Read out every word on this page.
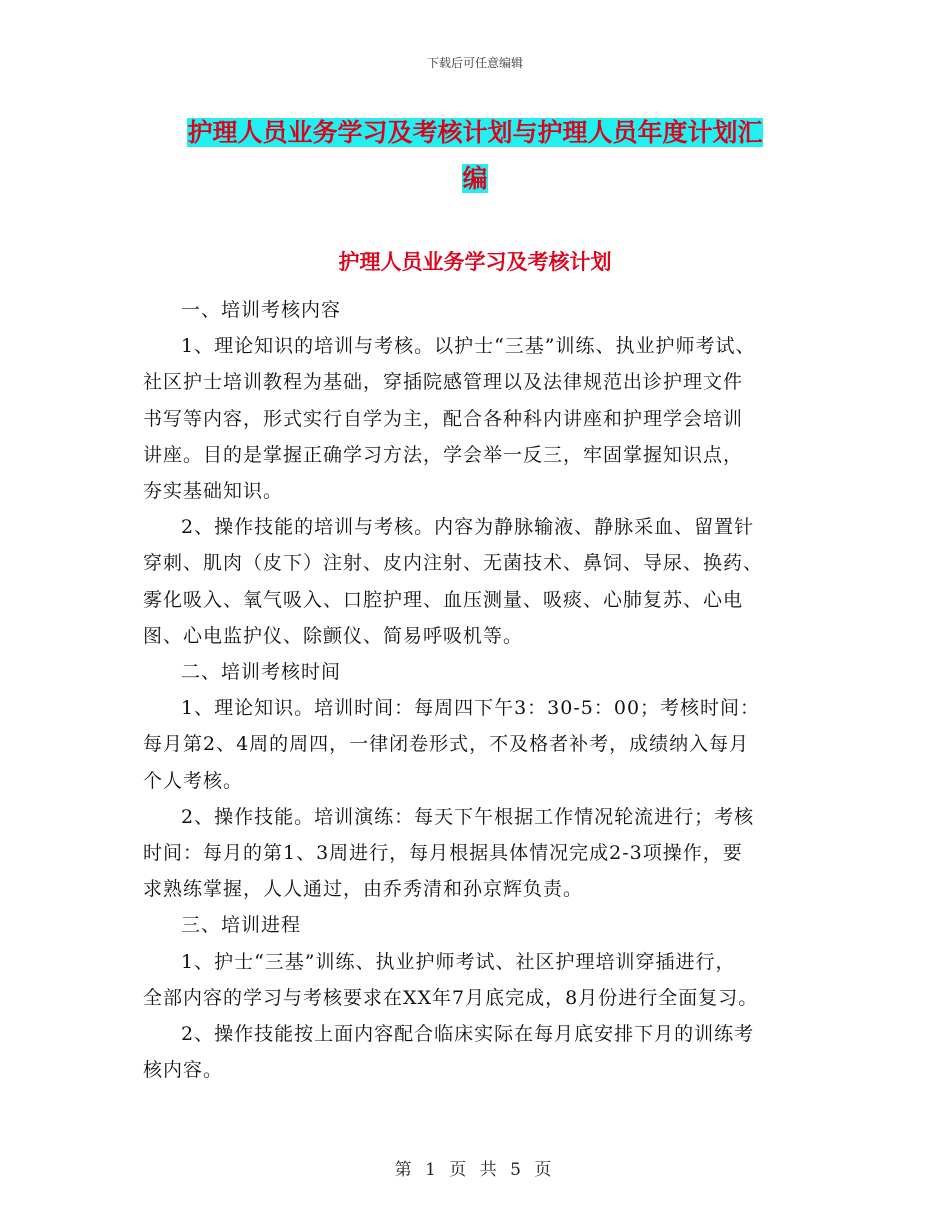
下载后可任意编辑
护理人员业务学习及考核计划与护理人员年度计划汇
编
护理人员业务学习及考核计划

一、培训考核内容

1、理论知识的培训与考核。以护士“三基”训练、执业护师考试、

社区护士培训教程为基础，穿插院感管理以及法律规范出诊护理文件

书写等内容，形式实行自学为主，配合各种科内讲座和护理学会培训

讲座。目的是掌握正确学习方法，学会举一反三，牢固掌握知识点，

夯实基础知识。

2、操作技能的培训与考核。内容为静脉输液、静脉采血、留置针

穿刺、肌肉（皮下）注射、皮内注射、无菌技术、鼻饲、导尿、换药、

雾化吸入、氧气吸入、口腔护理、血压测量、吸痰、心肺复苏、心电

图、心电监护仪、除颤仪、简易呼吸机等。

二、培训考核时间

1、理论知识。培训时间：每周四下午3：30-5：00；考核时间：

每月第2、4周的周四，一律闭卷形式，不及格者补考，成绩纳入每月

个人考核。

2、操作技能。培训演练：每天下午根据工作情况轮流进行；考核

时间：每月的第1、3周进行，每月根据具体情况完成2-3项操作，要

求熟练掌握，人人通过，由乔秀清和孙京辉负责。

三、培训进程

1、护士“三基”训练、执业护师考试、社区护理培训穿插进行，

全部内容的学习与考核要求在XX年7月底完成，8月份进行全面复习。

2、操作技能按上面内容配合临床实际在每月底安排下月的训练考

核内容。

第 1 页 共 5 页
